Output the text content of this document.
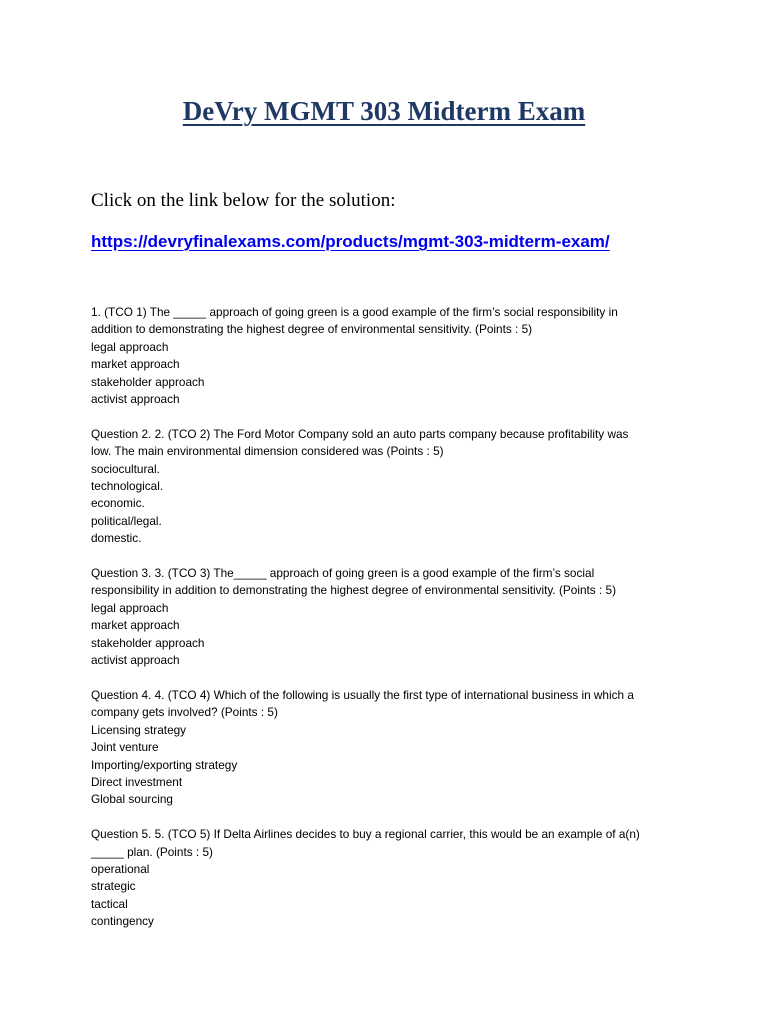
DeVry MGMT 303 Midterm Exam
Click on the link below for the solution:
https://devryfinalexams.com/products/mgmt-303-midterm-exam/

1. (TCO 1) The _____ approach of going green is a good example of the firm’s social responsibility in
addition to demonstrating the highest degree of environmental sensitivity. (Points : 5)

legal approach
market approach
stakeholder approach
activist approach

Question 2. 2. (TCO 2) The Ford Motor Company sold an auto parts company because profitability was
low. The main environmental dimension considered was (Points : 5)

sociocultural.
technological.
economic.
political/legal.
domestic.

Question 3. 3. (TCO 3) The_____ approach of going green is a good example of the firm’s social
responsibility in addition to demonstrating the highest degree of environmental sensitivity. (Points : 5)

legal approach
market approach
stakeholder approach
activist approach

Question 4. 4. (TCO 4) Which of the following is usually the first type of international business in which a
company gets involved? (Points : 5)

Licensing strategy
Joint venture
Importing/exporting strategy
Direct investment
Global sourcing

Question 5. 5. (TCO 5) If Delta Airlines decides to buy a regional carrier, this would be an example of a(n)
_____ plan. (Points : 5)

operational
strategic
tactical
contingency
